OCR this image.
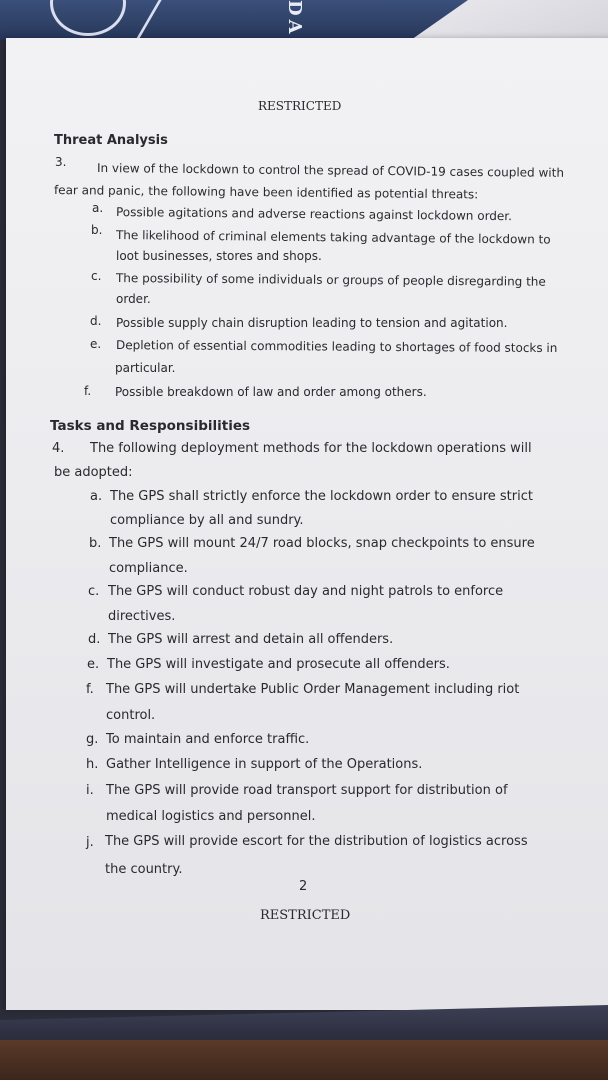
DA
RESTRICTED
Threat Analysis
3.	In view of the lockdown to control the spread of COVID-19 cases coupled with
fear and panic, the following have been identified as potential threats:
a. Possible agitations and adverse reactions against lockdown order.
b. The likelihood of criminal elements taking advantage of the lockdown to
loot businesses, stores and shops.
c. The possibility of some individuals or groups of people disregarding the
order.
d. Possible supply chain disruption leading to tension and agitation.
e. Depletion of essential commodities leading to shortages of food stocks in
particular.
f. Possible breakdown of law and order among others.
Tasks and Responsibilities
4. The following deployment methods for the lockdown operations will
be adopted:
a. The GPS shall strictly enforce the lockdown order to ensure strict
compliance by all and sundry.
b. The GPS will mount 24/7 road blocks, snap checkpoints to ensure
compliance.
c. The GPS will conduct robust day and night patrols to enforce
directives.
d. The GPS will arrest and detain all offenders.
e. The GPS will investigate and prosecute all offenders.
f. The GPS will undertake Public Order Management including riot
control.
g. To maintain and enforce traffic.
h. Gather Intelligence in support of the Operations.
i. The GPS will provide road transport support for distribution of
medical logistics and personnel.
j. The GPS will provide escort for the distribution of logistics across
the country.
2
RESTRICTED
